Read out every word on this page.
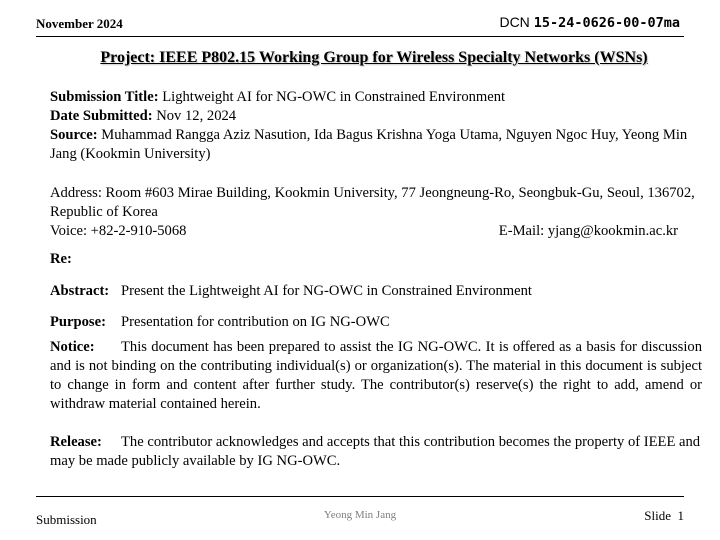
November 2024	DCN 15-24-0626-00-07ma
Project: IEEE P802.15 Working Group for Wireless Specialty Networks (WSNs)
Submission Title: Lightweight AI for NG-OWC in Constrained Environment
Date Submitted: Nov 12, 2024
Source: Muhammad Rangga Aziz Nasution, Ida Bagus Krishna Yoga Utama, Nguyen Ngoc Huy, Yeong Min Jang (Kookmin University)
Address: Room #603 Mirae Building, Kookmin University, 77 Jeongneung-Ro, Seongbuk-Gu, Seoul, 136702, Republic of Korea
Voice: +82-2-910-5068	E-Mail: yjang@kookmin.ac.kr
Re:
Abstract: Present the Lightweight AI for NG-OWC in Constrained Environment
Purpose: Presentation for contribution on IG NG-OWC
Notice: This document has been prepared to assist the IG NG-OWC. It is offered as a basis for discussion and is not binding on the contributing individual(s) or organization(s). The material in this document is subject to change in form and content after further study. The contributor(s) reserve(s) the right to add, amend or withdraw material contained herein.
Release: The contributor acknowledges and accepts that this contribution becomes the property of IEEE and may be made publicly available by IG NG-OWC.
Submission	Yeong Min Jang	Slide 1
